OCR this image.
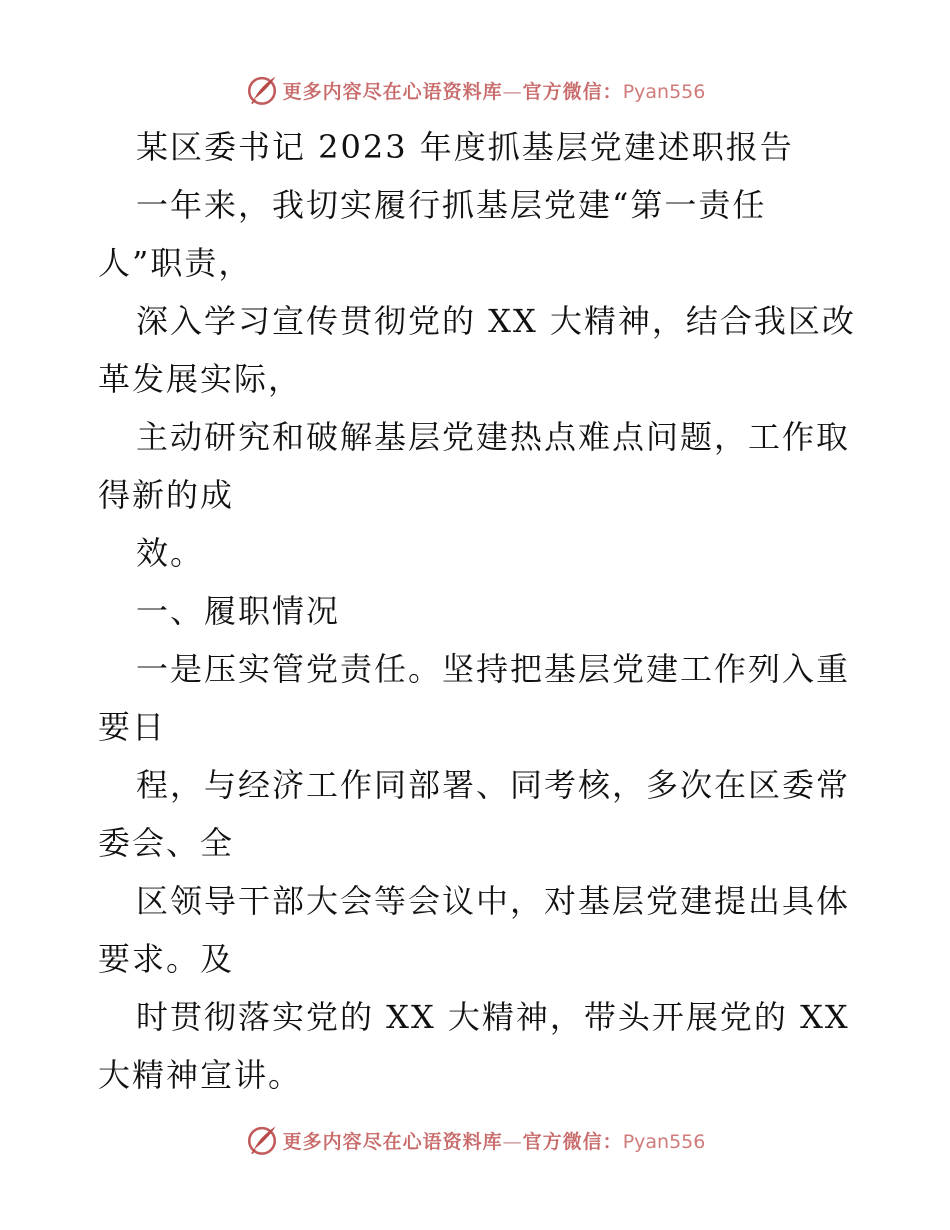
更多内容尽在心语资料库—官方微信：Pyan556
某区委书记 2023 年度抓基层党建述职报告
一年来，我切实履行抓基层党建“第一责任
人”职责，
深入学习宣传贯彻党的 XX 大精神，结合我区改
革发展实际，
主动研究和破解基层党建热点难点问题，工作取
得新的成
效。
一、履职情况
一是压实管党责任。坚持把基层党建工作列入重
要日
程，与经济工作同部署、同考核，多次在区委常
委会、全
区领导干部大会等会议中，对基层党建提出具体
要求。及
时贯彻落实党的 XX 大精神，带头开展党的 XX
大精神宣讲。
更多内容尽在心语资料库—官方微信：Pyan556
